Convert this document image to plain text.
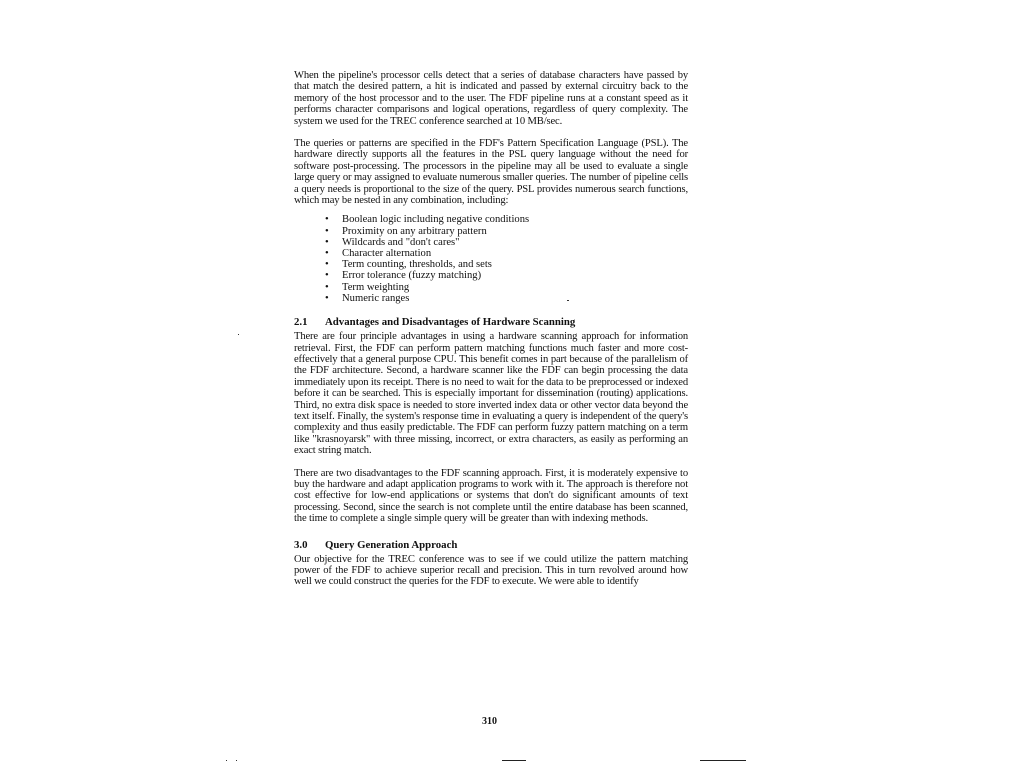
When the pipeline's processor cells detect that a series of database characters have passed by that match the desired pattern, a hit is indicated and passed by external circuitry back to the memory of the host processor and to the user. The FDF pipeline runs at a constant speed as it performs character comparisons and logical operations, regardless of query complexity. The system we used for the TREC conference searched at 10 MB/sec.

The queries or patterns are specified in the FDF's Pattern Specification Language (PSL). The hardware directly supports all the features in the PSL query language without the need for software post-processing. The processors in the pipeline may all be used to evaluate a single large query or may assigned to evaluate numerous smaller queries. The number of pipeline cells a query needs is proportional to the size of the query. PSL provides numerous search functions, which may be nested in any combination, including:

• Boolean logic including negative conditions
• Proximity on any arbitrary pattern
• Wildcards and "don't cares"
• Character alternation
• Term counting, thresholds, and sets
• Error tolerance (fuzzy matching)
• Term weighting
• Numeric ranges
2.1 Advantages and Disadvantages of Hardware Scanning

There are four principle advantages in using a hardware scanning approach for information retrieval. First, the FDF can perform pattern matching functions much faster and more cost-effectively that a general purpose CPU. This benefit comes in part because of the parallelism of the FDF architecture. Second, a hardware scanner like the FDF can begin processing the data immediately upon its receipt. There is no need to wait for the data to be preprocessed or indexed before it can be searched. This is especially important for dissemination (routing) applications. Third, no extra disk space is needed to store inverted index data or other vector data beyond the text itself. Finally, the system's response time in evaluating a query is independent of the query's complexity and thus easily predictable. The FDF can perform fuzzy pattern matching on a term like "krasnoyarsk" with three missing, incorrect, or extra characters, as easily as performing an exact string match.

There are two disadvantages to the FDF scanning approach. First, it is moderately expensive to buy the hardware and adapt application programs to work with it. The approach is therefore not cost effective for low-end applications or systems that don't do significant amounts of text processing. Second, since the search is not complete until the entire database has been scanned, the time to complete a single simple query will be greater than with indexing methods.

3.0 Query Generation Approach

Our objective for the TREC conference was to see if we could utilize the pattern matching power of the FDF to achieve superior recall and precision. This in turn revolved around how well we could construct the queries for the FDF to execute. We were able to identify

310
